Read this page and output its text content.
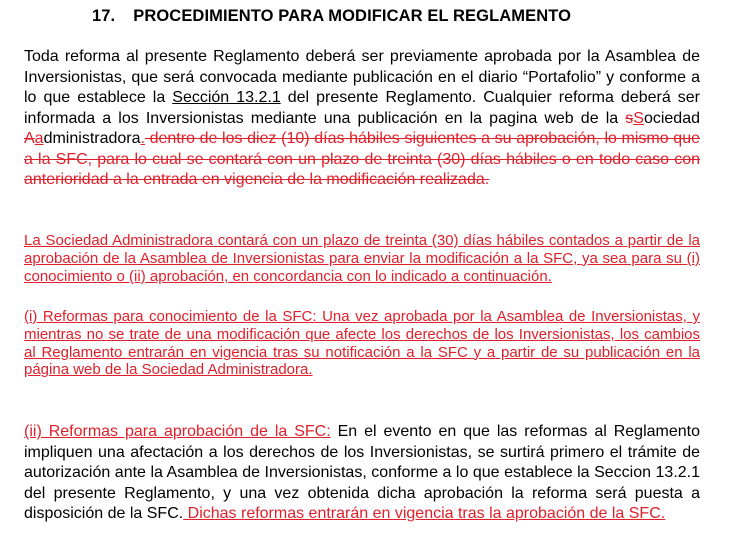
17. PROCEDIMIENTO PARA MODIFICAR EL REGLAMENTO
Toda reforma al presente Reglamento deberá ser previamente aprobada por la Asamblea de Inversionistas, que será convocada mediante publicación en el diario “Portafolio” y conforme a lo que establece la Sección 13.2.1 del presente Reglamento. Cualquier reforma deberá ser informada a los Inversionistas mediante una publicación en la pagina web de la sSociedad Aadministradora. dentro de los diez (10) días hábiles siguientes a su aprobación, lo mismo que a la SFC, para lo cual se contará con un plazo de treinta (30) días hábiles o en todo caso con anterioridad a la entrada en vigencia de la modificación realizada.
La Sociedad Administradora contará con un plazo de treinta (30) días hábiles contados a partir de la aprobación de la Asamblea de Inversionistas para enviar la modificación a la SFC, ya sea para su (i) conocimiento o (ii) aprobación, en concordancia con lo indicado a continuación.
(i) Reformas para conocimiento de la SFC: Una vez aprobada por la Asamblea de Inversionistas, y mientras no se trate de una modificación que afecte los derechos de los Inversionistas, los cambios al Reglamento entrarán en vigencia tras su notificación a la SFC y a partir de su publicación en la página web de la Sociedad Administradora.
(ii) Reformas para aprobación de la SFC: En el evento en que las reformas al Reglamento impliquen una afectación a los derechos de los Inversionistas, se surtirá primero el trámite de autorización ante la Asamblea de Inversionistas, conforme a lo que establece la Seccion 13.2.1 del presente Reglamento, y una vez obtenida dicha aprobación la reforma será puesta a disposición de la SFC. Dichas reformas entrarán en vigencia tras la aprobación de la SFC.
